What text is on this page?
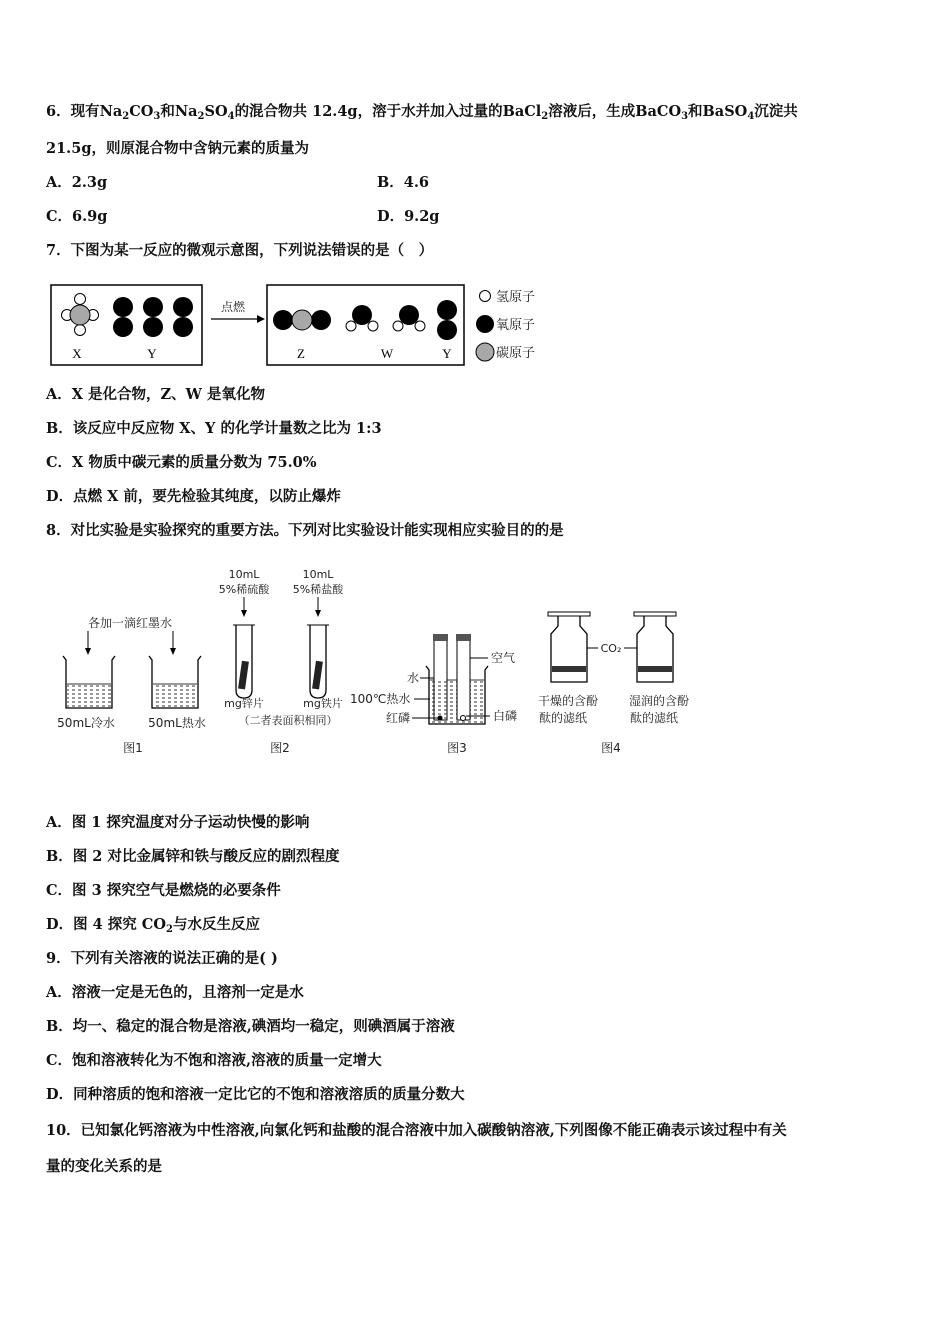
6．现有$Na_2CO_3$和$Na_2SO_4$的混合物共 12.4g，溶于水并加入过量的BaCl$_2$溶液后，生成BaCO$_3$和BaSO$_4$沉淀共
21.5g，则原混合物中含钠元素的质量为
A．2.3g	B．4.6
C．6.9g	D．9.2g
7．下图为某一反应的微观示意图，下列说法错误的是（　）
X	Y
点燃
Z	W	Y
氢原子
氧原子
碳原子
A．X 是化合物，Z、W 是氧化物
B．该反应中反应物 X、Y 的化学计量数之比为 1:3
C．X 物质中碳元素的质量分数为 75.0%
D．点燃 X 前，要先检验其纯度，以防止爆炸
8．对比实验是实验探究的重要方法。下列对比实验设计能实现相应实验目的的是
各加一滴红墨水
50mL冷水	50mL热水
图1
10mL
5%稀硫酸
10mL
5%稀盐酸
mg锌片	mg铁片
（二者表面积相同）
图2
空气
水
100℃热水
红磷	白磷
图3
CO₂
干燥的含酚
酞的滤纸
湿润的含酚
酞的滤纸
图4
A．图 1 探究温度对分子运动快慢的影响
B．图 2 对比金属锌和铁与酸反应的剧烈程度
C．图 3 探究空气是燃烧的必要条件
D．图 4 探究 $CO_2$与水反生反应
9．下列有关溶液的说法正确的是( )
A．溶液一定是无色的，且溶剂一定是水
B．均一、稳定的混合物是溶液,碘酒均一稳定，则碘酒属于溶液
C．饱和溶液转化为不饱和溶液,溶液的质量一定增大
D．同种溶质的饱和溶液一定比它的不饱和溶液溶质的质量分数大
10．已知氯化钙溶液为中性溶液,向氯化钙和盐酸的混合溶液中加入碳酸钠溶液,下列图像不能正确表示该过程中有关
量的变化关系的是
